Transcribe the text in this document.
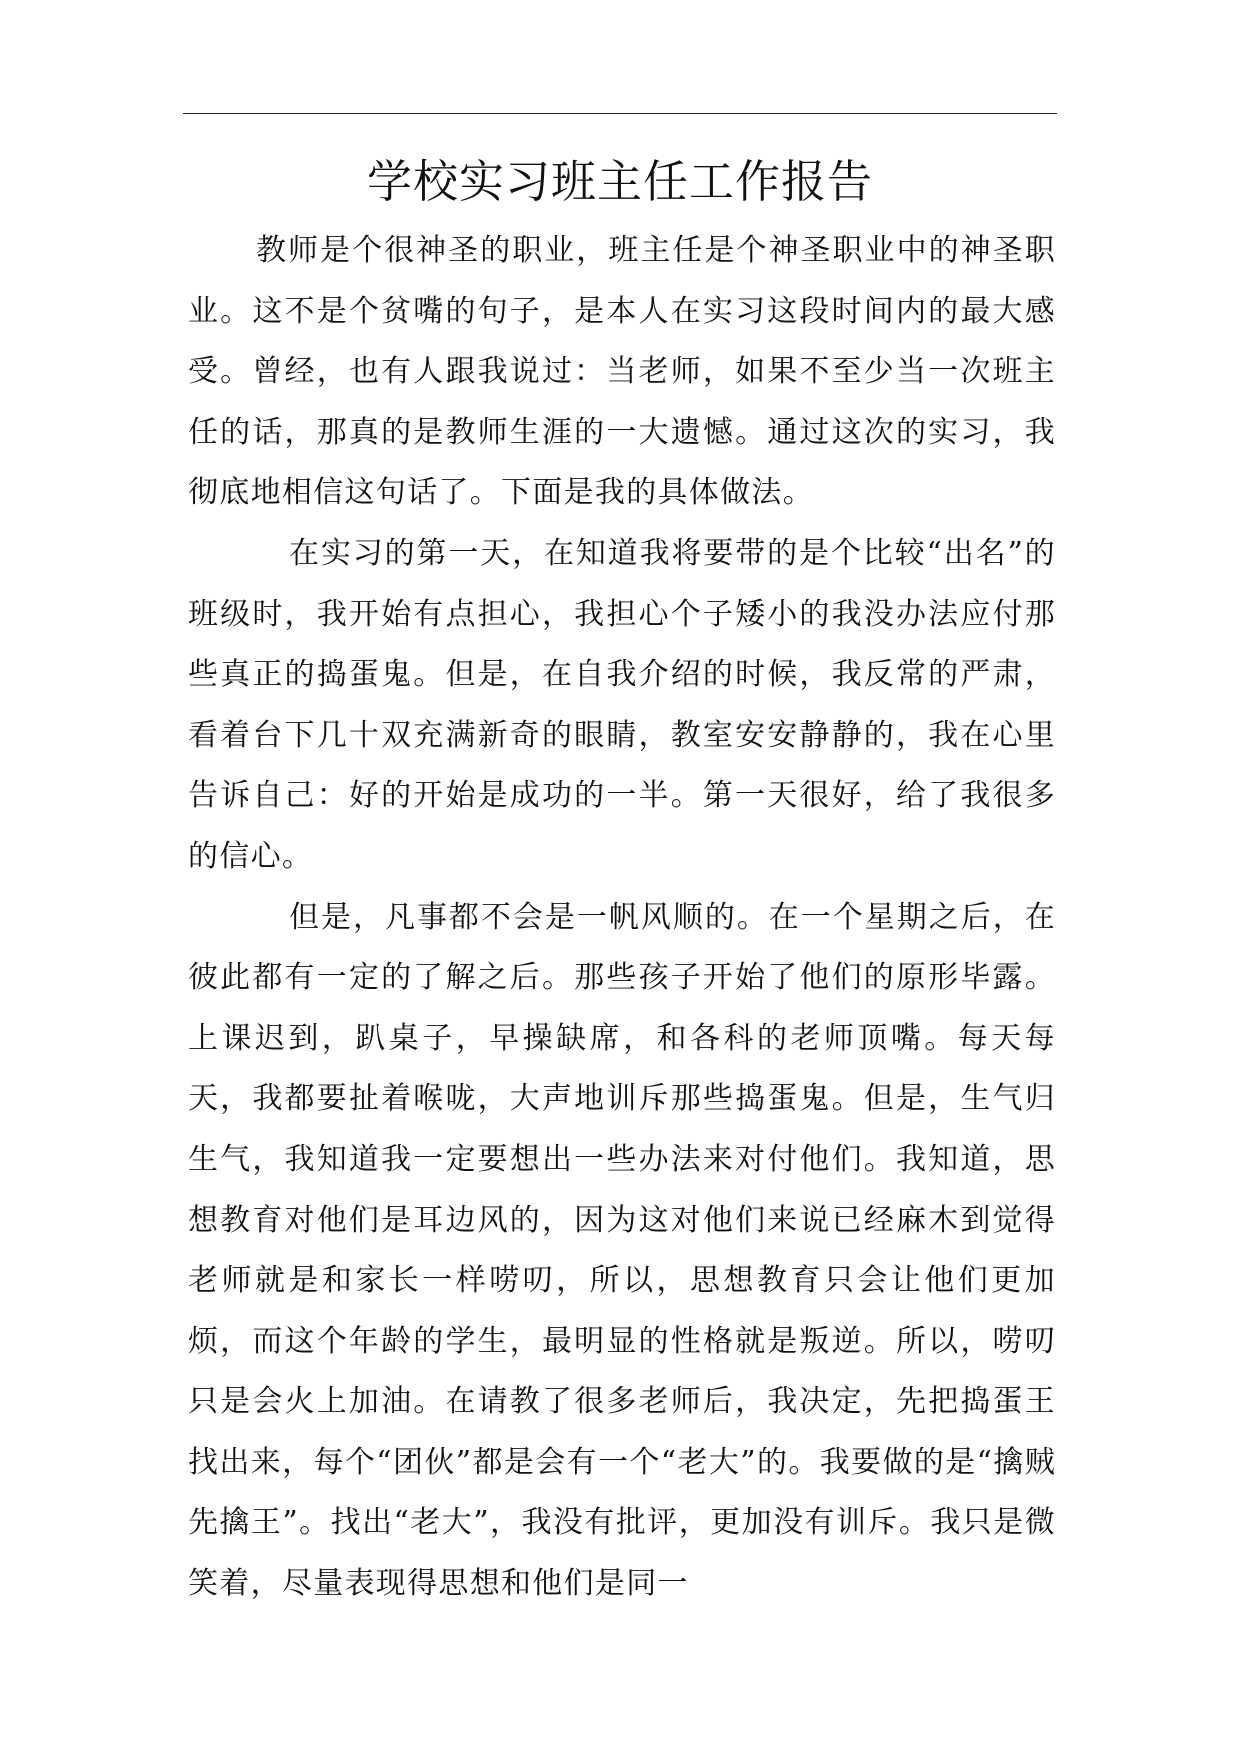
学校实习班主任工作报告

教师是个很神圣的职业，班主任是个神圣职业中的神圣职业。这不是个贫嘴的句子，是本人在实习这段时间内的最大感受。曾经，也有人跟我说过：当老师，如果不至少当一次班主任的话，那真的是教师生涯的一大遗憾。通过这次的实习，我彻底地相信这句话了。下面是我的具体做法。

在实习的第一天，在知道我将要带的是个比较“出名”的班级时，我开始有点担心，我担心个子矮小的我没办法应付那些真正的捣蛋鬼。但是，在自我介绍的时候，我反常的严肃，看着台下几十双充满新奇的眼睛，教室安安静静的，我在心里告诉自己：好的开始是成功的一半。第一天很好，给了我很多的信心。

但是，凡事都不会是一帆风顺的。在一个星期之后，在彼此都有一定的了解之后。那些孩子开始了他们的原形毕露。上课迟到，趴桌子，早操缺席，和各科的老师顶嘴。每天每天，我都要扯着喉咙，大声地训斥那些捣蛋鬼。但是，生气归生气，我知道我一定要想出一些办法来对付他们。我知道，思想教育对他们是耳边风的，因为这对他们来说已经麻木到觉得老师就是和家长一样唠叨，所以，思想教育只会让他们更加烦，而这个年龄的学生，最明显的性格就是叛逆。所以，唠叨只是会火上加油。在请教了很多老师后，我决定，先把捣蛋王找出来，每个“团伙”都是会有一个“老大”的。我要做的是“擒贼先擒王”。找出“老大”，我没有批评，更加没有训斥。我只是微笑着，尽量表现得思想和他们是同一
